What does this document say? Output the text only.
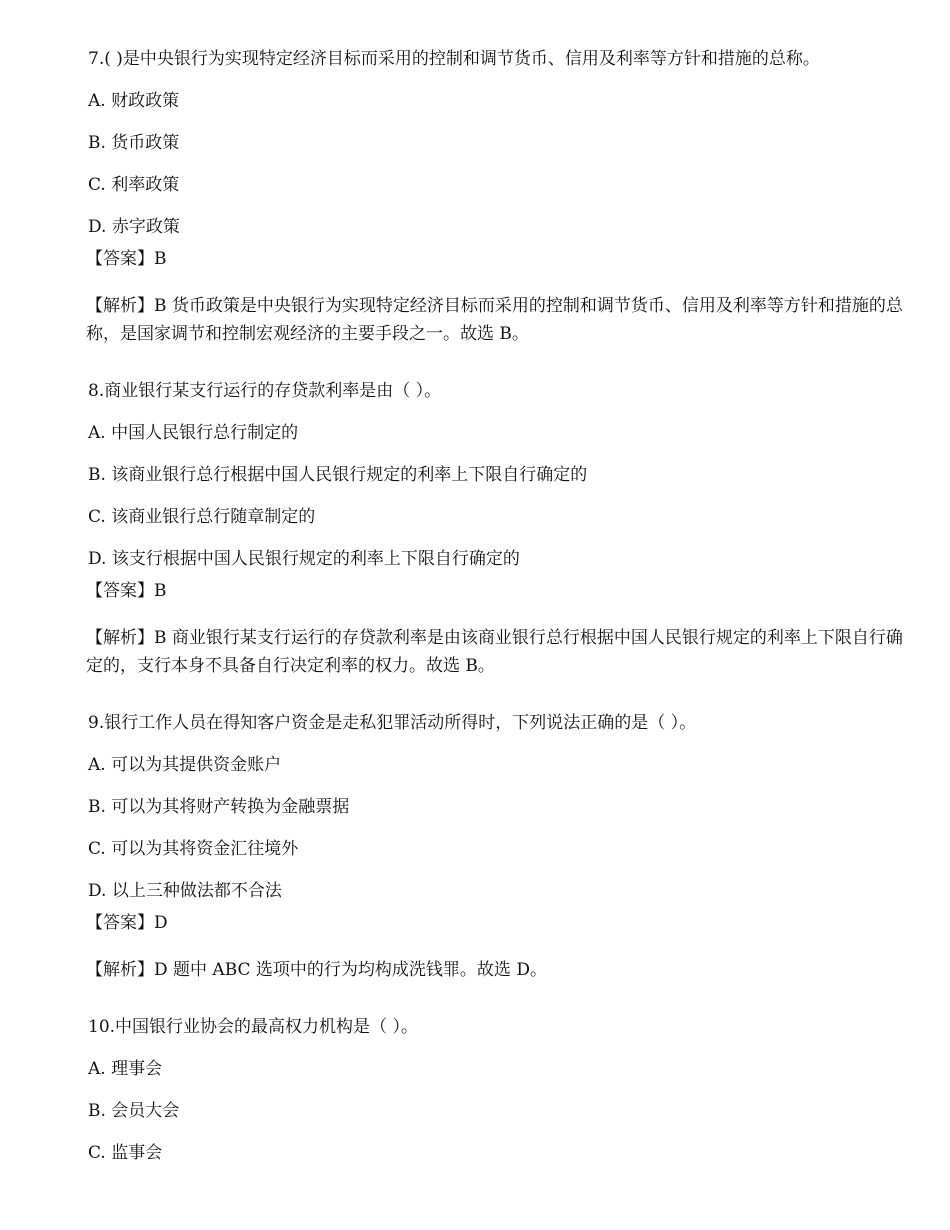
7.( )是中央银行为实现特定经济目标而采用的控制和调节货币、信用及利率等方针和措施的总称。
A. 财政政策
B. 货币政策
C. 利率政策
D. 赤字政策
【答案】B
【解析】B 货币政策是中央银行为实现特定经济目标而采用的控制和调节货币、信用及利率等方针和措施的总称，是国家调节和控制宏观经济的主要手段之一。故选 B。
8.商业银行某支行运行的存贷款利率是由（ ）。
A. 中国人民银行总行制定的
B. 该商业银行总行根据中国人民银行规定的利率上下限自行确定的
C. 该商业银行总行随章制定的
D. 该支行根据中国人民银行规定的利率上下限自行确定的
【答案】B
【解析】B 商业银行某支行运行的存贷款利率是由该商业银行总行根据中国人民银行规定的利率上下限自行确定的，支行本身不具备自行决定利率的权力。故选 B。
9.银行工作人员在得知客户资金是走私犯罪活动所得时，下列说法正确的是（ ）。
A. 可以为其提供资金账户
B. 可以为其将财产转换为金融票据
C. 可以为其将资金汇往境外
D. 以上三种做法都不合法
【答案】D
【解析】D 题中 ABC 选项中的行为均构成洗钱罪。故选 D。
10.中国银行业协会的最高权力机构是（ ）。
A. 理事会
B. 会员大会
C. 监事会
